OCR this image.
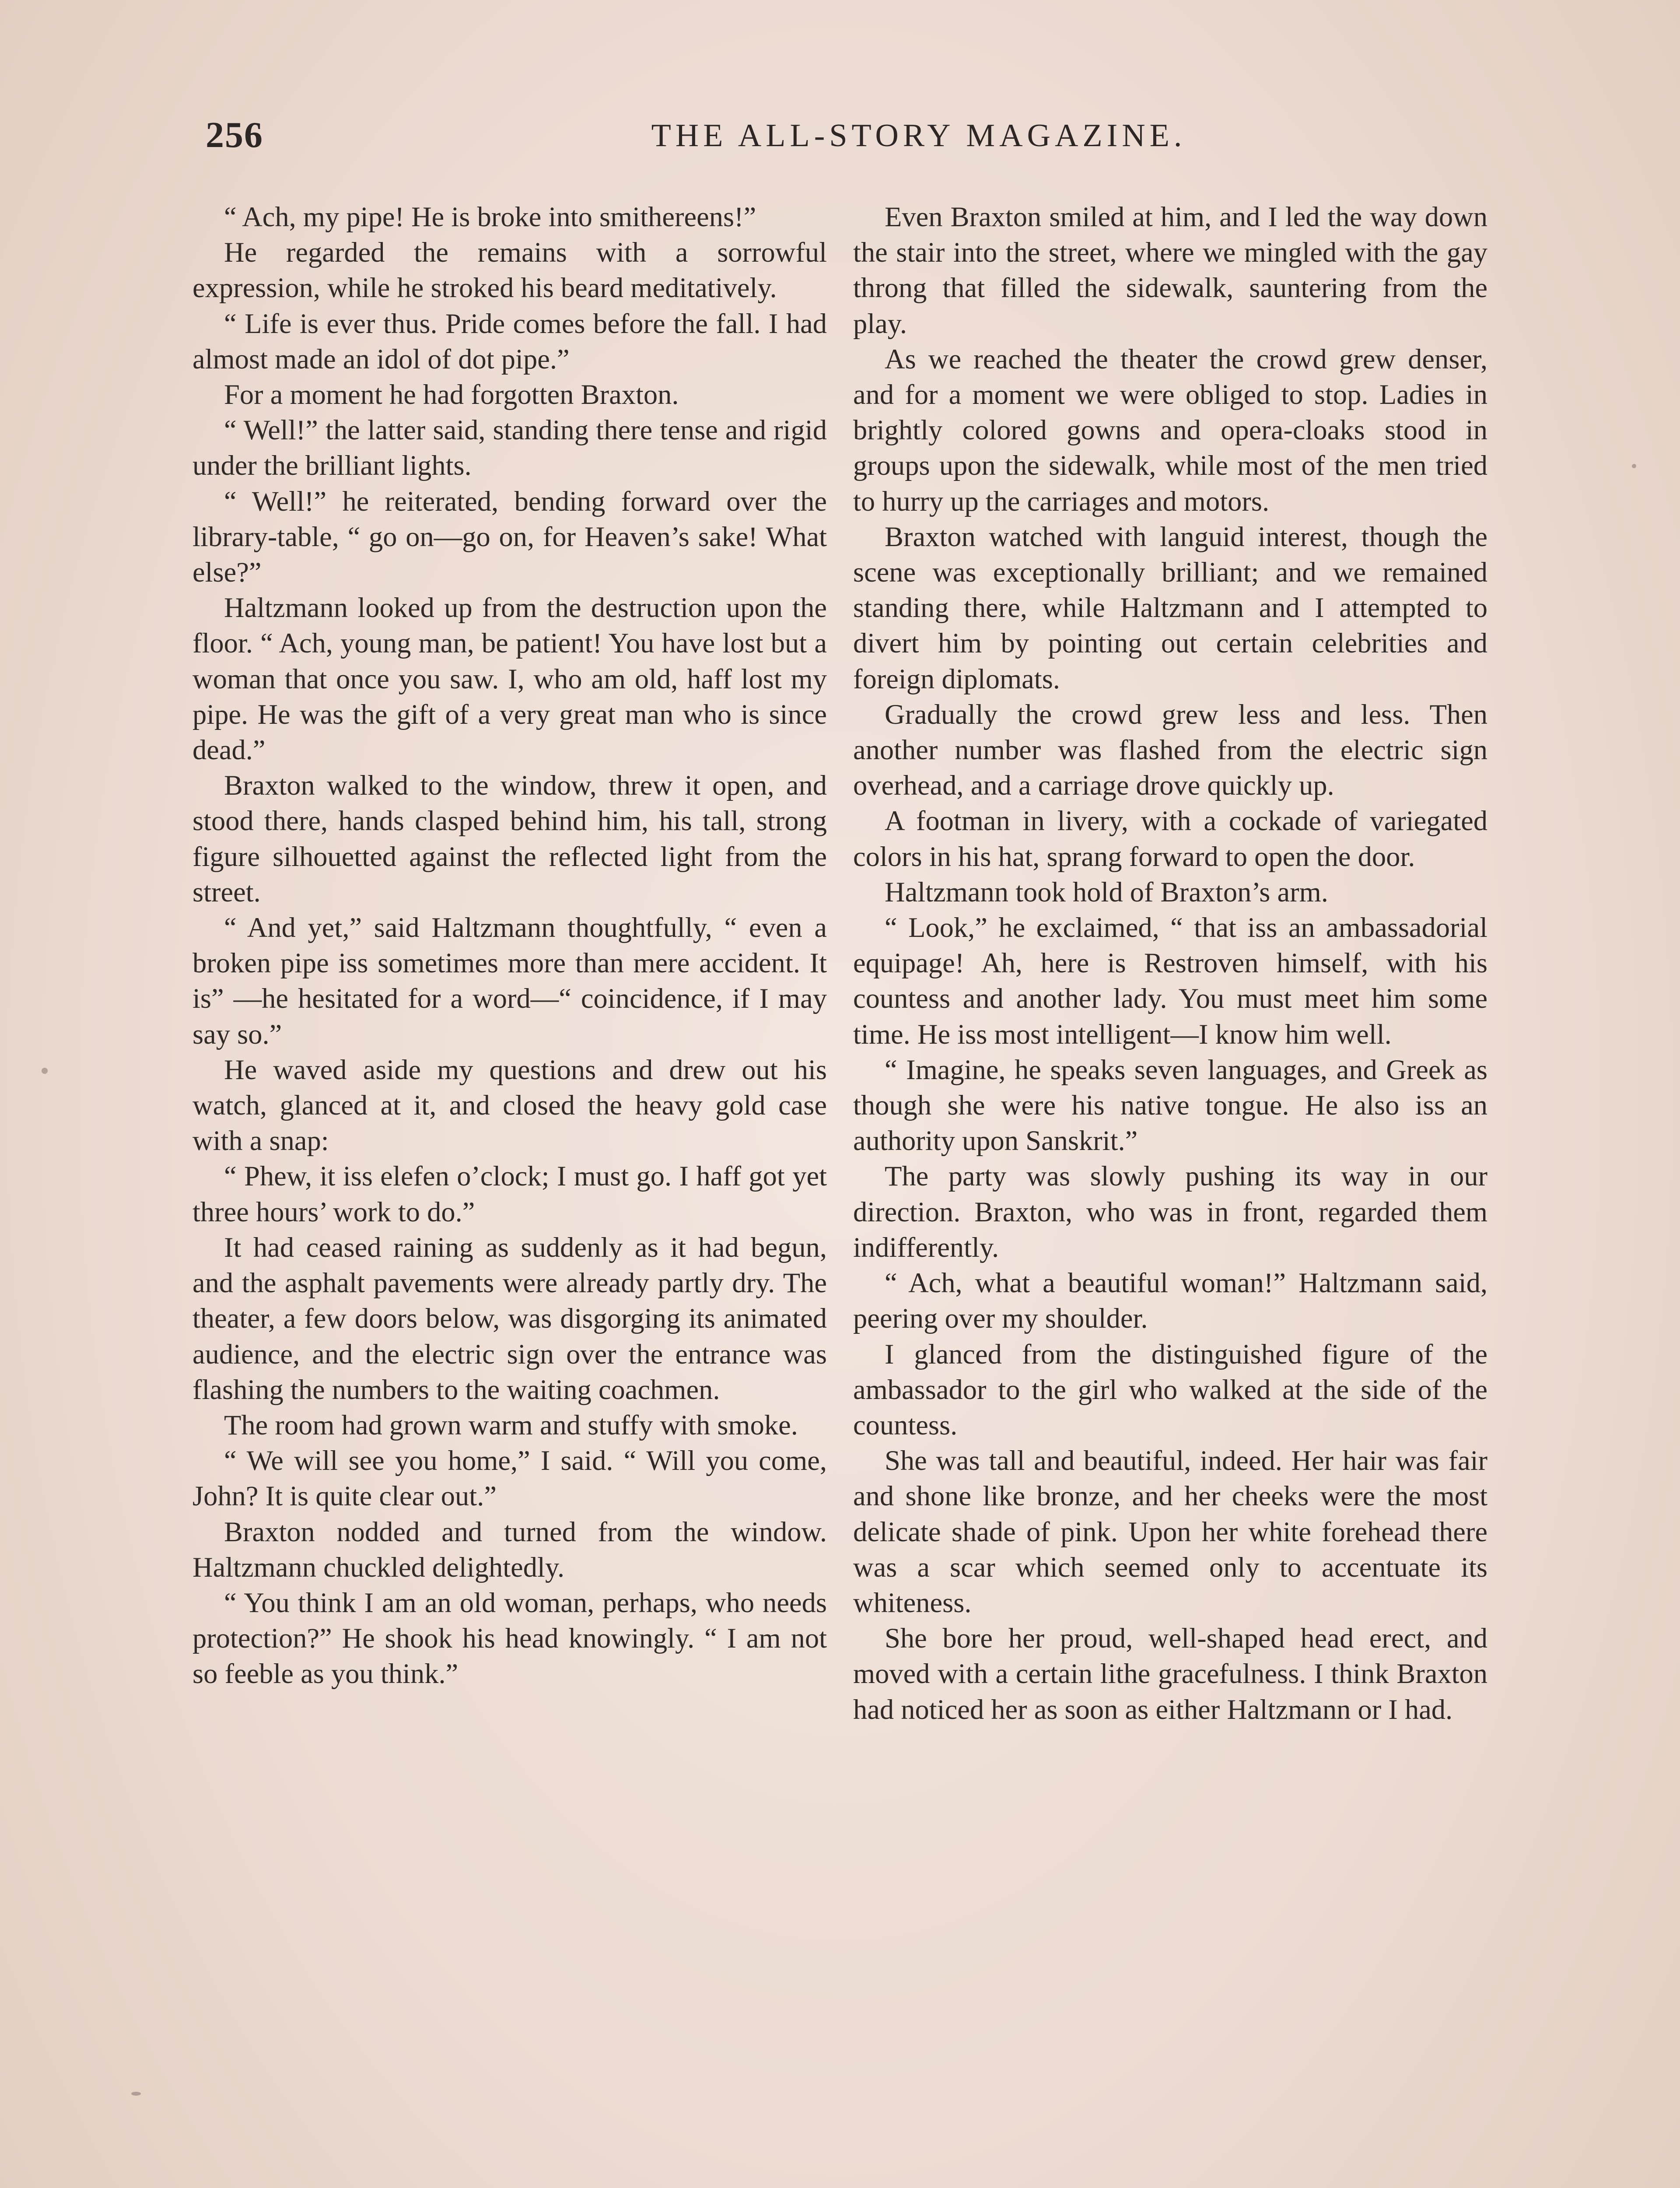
256	THE ALL-STORY MAGAZINE.

“ Ach, my pipe! He is broke into smithereens!”

He regarded the remains with a sorrowful expression, while he stroked his beard meditatively.

“ Life is ever thus. Pride comes before the fall. I had almost made an idol of dot pipe.”

For a moment he had forgotten Braxton.

“ Well!” the latter said, standing there tense and rigid under the brilliant lights.

“ Well!” he reiterated, bending forward over the library-table, “ go on—go on, for Heaven’s sake! What else?”

Haltzmann looked up from the destruction upon the floor. “ Ach, young man, be patient! You have lost but a woman that once you saw. I, who am old, haff lost my pipe. He was the gift of a very great man who is since dead.”

Braxton walked to the window, threw it open, and stood there, hands clasped behind him, his tall, strong figure silhouetted against the reflected light from the street.

“ And yet,” said Haltzmann thoughtfully, “ even a broken pipe iss sometimes more than mere accident. It is” —he hesitated for a word—“ coincidence, if I may say so.”

He waved aside my questions and drew out his watch, glanced at it, and closed the heavy gold case with a snap:

“ Phew, it iss elefen o’clock; I must go. I haff got yet three hours’ work to do.”

It had ceased raining as suddenly as it had begun, and the asphalt pavements were already partly dry. The theater, a few doors below, was disgorging its animated audience, and the electric sign over the entrance was flashing the numbers to the waiting coachmen.

The room had grown warm and stuffy with smoke.

“ We will see you home,” I said. “ Will you come, John? It is quite clear out.”

Braxton nodded and turned from the window. Haltzmann chuckled delightedly.

“ You think I am an old woman, perhaps, who needs protection?” He shook his head knowingly. “ I am not so feeble as you think.”

Even Braxton smiled at him, and I led the way down the stair into the street, where we mingled with the gay throng that filled the sidewalk, sauntering from the play.

As we reached the theater the crowd grew denser, and for a moment we were obliged to stop. Ladies in brightly colored gowns and opera-cloaks stood in groups upon the sidewalk, while most of the men tried to hurry up the carriages and motors.

Braxton watched with languid interest, though the scene was exceptionally brilliant; and we remained standing there, while Haltzmann and I attempted to divert him by pointing out certain celebrities and foreign diplomats.

Gradually the crowd grew less and less. Then another number was flashed from the electric sign overhead, and a carriage drove quickly up.

A footman in livery, with a cockade of variegated colors in his hat, sprang forward to open the door.

Haltzmann took hold of Braxton’s arm.

“ Look,” he exclaimed, “ that iss an ambassadorial equipage! Ah, here is Restroven himself, with his countess and another lady. You must meet him some time. He iss most intelligent—I know him well.

“ Imagine, he speaks seven languages, and Greek as though she were his native tongue. He also iss an authority upon Sanskrit.”

The party was slowly pushing its way in our direction. Braxton, who was in front, regarded them indifferently.

“ Ach, what a beautiful woman!” Haltzmann said, peering over my shoulder.

I glanced from the distinguished figure of the ambassador to the girl who walked at the side of the countess.

She was tall and beautiful, indeed. Her hair was fair and shone like bronze, and her cheeks were the most delicate shade of pink. Upon her white forehead there was a scar which seemed only to accentuate its whiteness.

She bore her proud, well-shaped head erect, and moved with a certain lithe gracefulness. I think Braxton had noticed her as soon as either Haltzmann or I had.
